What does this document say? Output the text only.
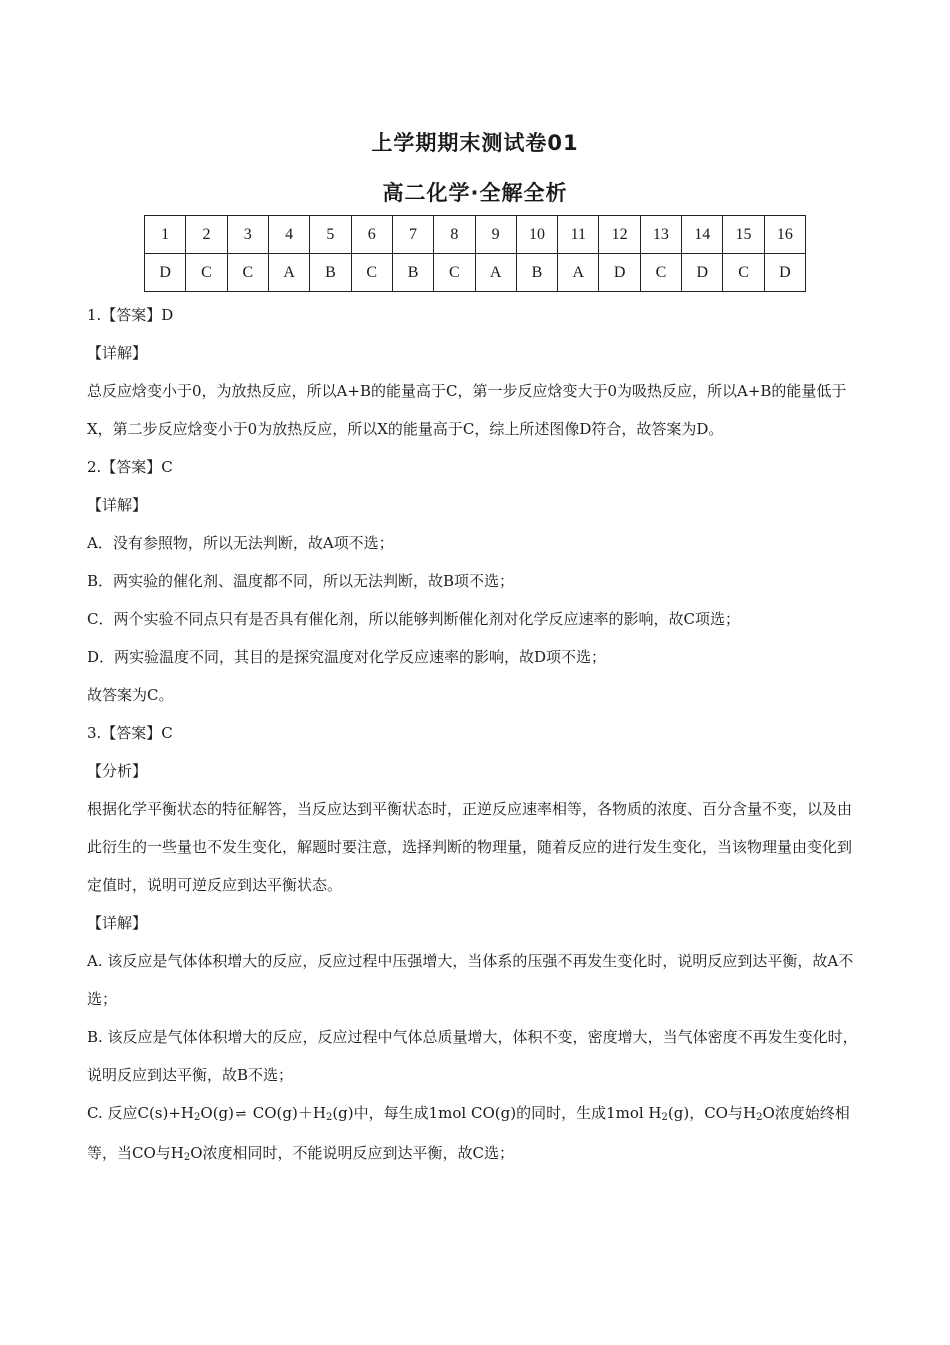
上学期期末测试卷01
高二化学·全解全析
1	2	3	4	5	6	7	8	9	10	11	12	13	14	15	16
D	C	C	A	B	C	B	C	A	B	A	D	C	D	C	D

1.【答案】D

【详解】

总反应焓变小于0，为放热反应，所以A+B的能量高于C，第一步反应焓变大于0为吸热反应，所以A+B的能量低于X，第二步反应焓变小于0为放热反应，所以X的能量高于C，综上所述图像D符合，故答案为D。

2.【答案】C

【详解】

A．没有参照物，所以无法判断，故A项不选；

B．两实验的催化剂、温度都不同，所以无法判断，故B项不选；

C．两个实验不同点只有是否具有催化剂，所以能够判断催化剂对化学反应速率的影响，故C项选；

D．两实验温度不同，其目的是探究温度对化学反应速率的影响，故D项不选；

故答案为C。

3.【答案】C

【分析】

根据化学平衡状态的特征解答，当反应达到平衡状态时，正逆反应速率相等，各物质的浓度、百分含量不变，以及由此衍生的一些量也不发生变化，解题时要注意，选择判断的物理量，随着反应的进行发生变化，当该物理量由变化到定值时，说明可逆反应到达平衡状态。

【详解】

A. 该反应是气体体积增大的反应，反应过程中压强增大，当体系的压强不再发生变化时，说明反应到达平衡，故A不选；

B. 该反应是气体体积增大的反应，反应过程中气体总质量增大，体积不变，密度增大，当气体密度不再发生变化时，说明反应到达平衡，故B不选；

C. 反应$C(s)+H_2O(g)$ ⇌ $CO(g)+H_2(g)$中，每生成1mol CO(g)的同时，生成1mol $H_2(g)$，CO与$H_2O$浓度始终相等，当CO与$H_2O$浓度相同时，不能说明反应到达平衡，故C选；
